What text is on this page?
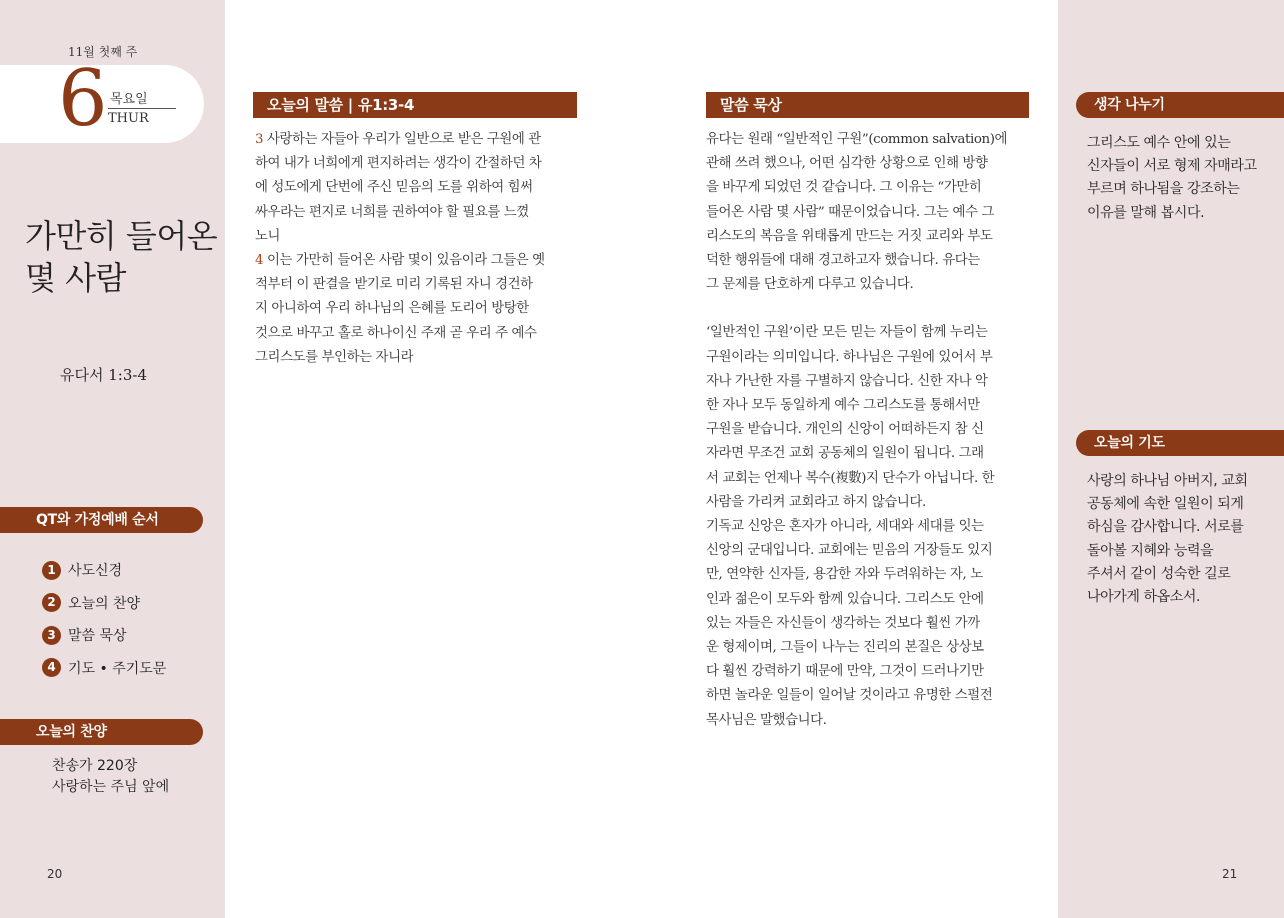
11월 첫째 주
6 목요일
THUR
가만히 들어온
몇 사람
유다서 1:3-4
QT와 가정예배 순서
1 사도신경
2 오늘의 찬양
3 말씀 묵상
4 기도 • 주기도문
오늘의 찬양
찬송가 220장
사랑하는 주님 앞에
20
오늘의 말씀 | 유1:3-4
3 사랑하는 자들아 우리가 일반으로 받은 구원에 관
하여 내가 너희에게 편지하려는 생각이 간절하던 차
에 성도에게 단번에 주신 믿음의 도를 위하여 힘써
싸우라는 편지로 너희를 권하여야 할 필요를 느꼈
노니
4 이는 가만히 들어온 사람 몇이 있음이라 그들은 옛
적부터 이 판결을 받기로 미리 기록된 자니 경건하
지 아니하여 우리 하나님의 은혜를 도리어 방탕한
것으로 바꾸고 홀로 하나이신 주재 곧 우리 주 예수
그리스도를 부인하는 자니라
말씀 묵상
유다는 원래 “일반적인 구원”(common salvation)에
관해 쓰려 했으나, 어떤 심각한 상황으로 인해 방향
을 바꾸게 되었던 것 같습니다. 그 이유는 “가만히
들어온 사람 몇 사람” 때문이었습니다. 그는 예수 그
리스도의 복음을 위태롭게 만드는 거짓 교리와 부도
덕한 행위들에 대해 경고하고자 했습니다. 유다는
그 문제를 단호하게 다루고 있습니다.
‘일반적인 구원’이란 모든 믿는 자들이 함께 누리는
구원이라는 의미입니다. 하나님은 구원에 있어서 부
자나 가난한 자를 구별하지 않습니다. 신한 자나 악
한 자나 모두 동일하게 예수 그리스도를 통해서만
구원을 받습니다. 개인의 신앙이 어떠하든지 참 신
자라면 무조건 교회 공동체의 일원이 됩니다. 그래
서 교회는 언제나 복수(複數)지 단수가 아닙니다. 한
사람을 가리켜 교회라고 하지 않습니다.
기독교 신앙은 혼자가 아니라, 세대와 세대를 잇는
신앙의 군대입니다. 교회에는 믿음의 거장들도 있지
만, 연약한 신자들, 용감한 자와 두려워하는 자, 노
인과 젊은이 모두와 함께 있습니다. 그리스도 안에
있는 자들은 자신들이 생각하는 것보다 훨씬 가까
운 형제이며, 그들이 나누는 진리의 본질은 상상보
다 훨씬 강력하기 때문에 만약, 그것이 드러나기만
하면 놀라운 일들이 일어날 것이라고 유명한 스펄전
목사님은 말했습니다.
생각 나누기
그리스도 예수 안에 있는
신자들이 서로 형제 자매라고
부르며 하나됨을 강조하는
이유를 말해 봅시다.
오늘의 기도
사랑의 하나님 아버지, 교회
공동체에 속한 일원이 되게
하심을 감사합니다. 서로를
돌아볼 지혜와 능력을
주셔서 같이 성숙한 길로
나아가게 하옵소서.
21
